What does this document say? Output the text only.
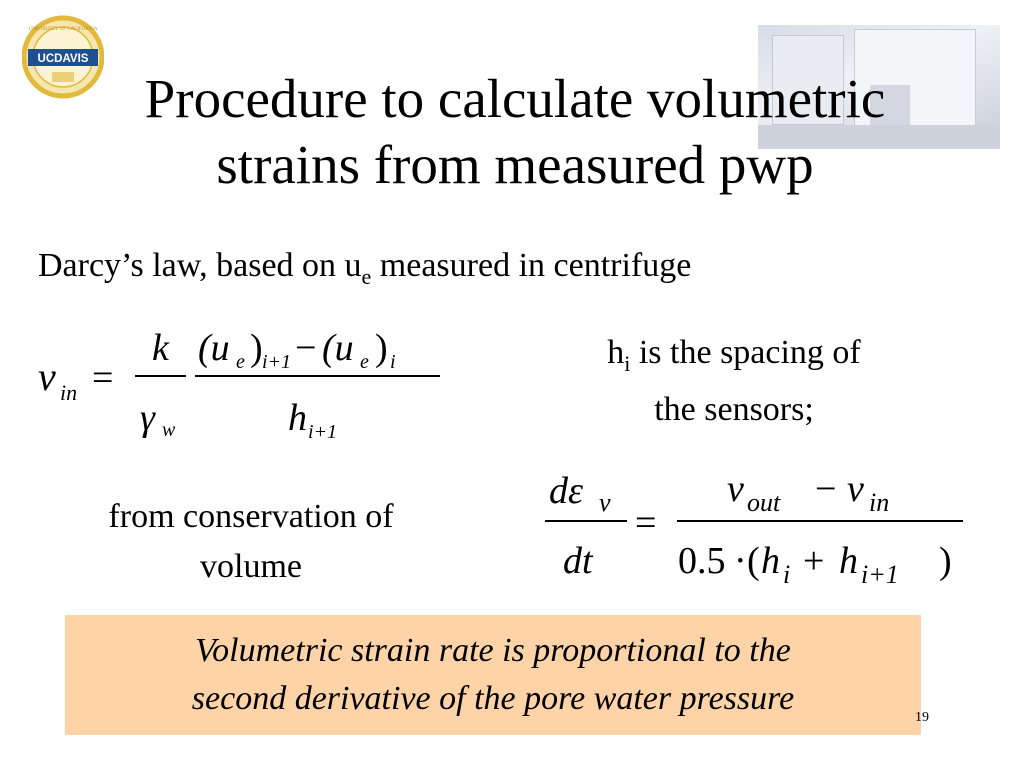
UNIVERSITY OF CALIFORNIA
UCDAVIS
Procedure to calculate volumetric
strains from measured pwp
Darcy’s law, based on $u_e$ measured in centrifuge
v in =
k
γ w
(u e ) i+1 − (u e ) i
h i+1
$h_i$ is the spacing of
the sensors;
from conservation of
volume
dε v
dt
=
v out − v in
0.5 · ( h i + h i+1 )
Volumetric strain rate is proportional to the
second derivative of the pore water pressure
19
